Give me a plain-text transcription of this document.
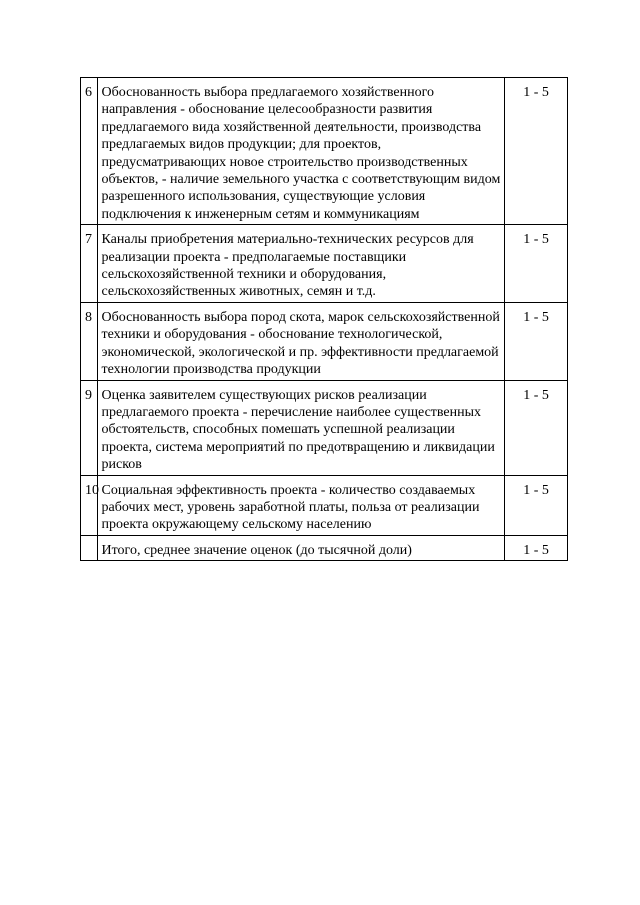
6	Обоснованность выбора предлагаемого хозяйственного направления - обоснование целесообразности развития предлагаемого вида хозяйственной деятельности, производства предлагаемых видов продукции; для проектов, предусматривающих новое строительство производственных объектов, - наличие земельного участка с соответствующим видом разрешенного использования, существующие условия подключения к инженерным сетям и коммуникациям	1 - 5
7	Каналы приобретения материально-технических ресурсов для реализации проекта - предполагаемые поставщики сельскохозяйственной техники и оборудования, сельскохозяйственных животных, семян и т.д.	1 - 5
8	Обоснованность выбора пород скота, марок сельскохозяйственной техники и оборудования - обоснование технологической, экономической, экологической и пр. эффективности предлагаемой технологии производства продукции	1 - 5
9	Оценка заявителем существующих рисков реализации предлагаемого проекта - перечисление наиболее существенных обстоятельств, способных помешать успешной реализации проекта, система мероприятий по предотвращению и ликвидации рисков	1 - 5
10	Социальная эффективность проекта - количество создаваемых рабочих мест, уровень заработной платы, польза от реализации проекта окружающему сельскому населению	1 - 5
	Итого, среднее значение оценок (до тысячной доли)	1 - 5
